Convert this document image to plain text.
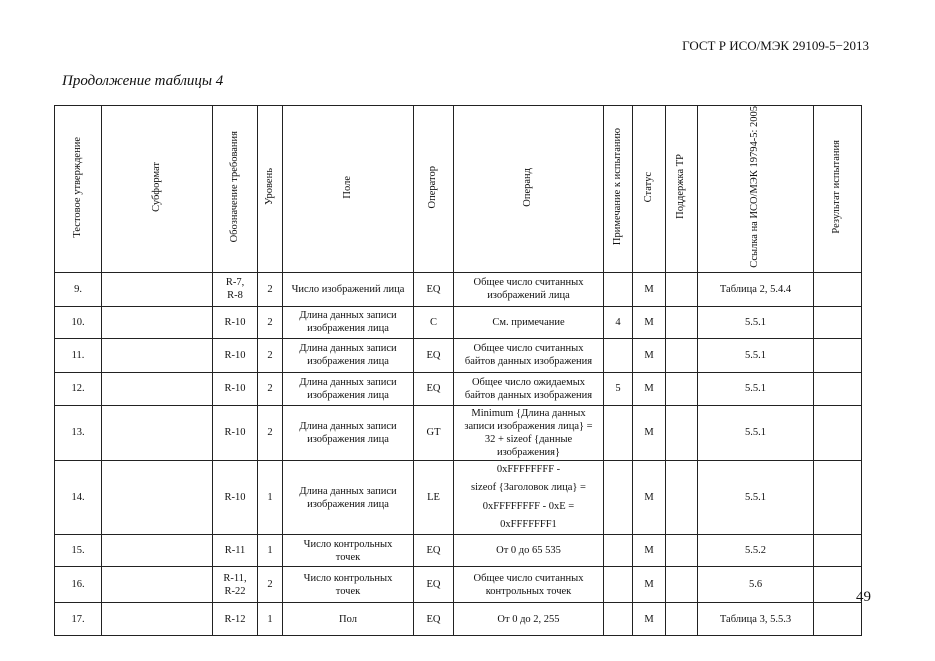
ГОСТ Р ИСО/МЭК 29109-5−2013
Продолжение таблицы 4
Тестовое утверждение	Субформат	Обозначение требования	Уровень	Поле	Оператор	Операнд	Примечание к испытанию	Статус	Поддержка ТР	Ссылка на ИСО/МЭК 19794-5: 2005	Результат испытания
9.		R-7,
R-8	2	Число изображений лица	EQ	Общее число считанных
изображений лица		M		Таблица 2, 5.4.4	
10.		R-10	2	Длина данных записи
изображения лица	C	См. примечание	4	M		5.5.1	
11.		R-10	2	Длина данных записи
изображения лица	EQ	Общее число считанных
байтов данных изображения		M		5.5.1	
12.		R-10	2	Длина данных записи
изображения лица	EQ	Общее число ожидаемых
байтов данных изображения	5	M		5.5.1	
13.		R-10	2	Длина данных записи
изображения лица	GT	Minimum {Длина данных
записи изображения лица} =
32 + sizeof {данные
изображения}		M		5.5.1	
14.		R-10	1	Длина данных записи
изображения лица	LE	0xFFFFFFFF -
sizeof {Заголовок лица} =
0xFFFFFFFF - 0xE =
0xFFFFFFF1		M		5.5.1	
15.		R-11	1	Число контрольных
точек	EQ	От 0 до 65 535		M		5.5.2	
16.		R-11,
R-22	2	Число контрольных
точек	EQ	Общее число считанных
контрольных точек		M		5.6	
17.		R-12	1	Пол	EQ	От 0 до 2, 255		M		Таблица 3, 5.5.3	
49
